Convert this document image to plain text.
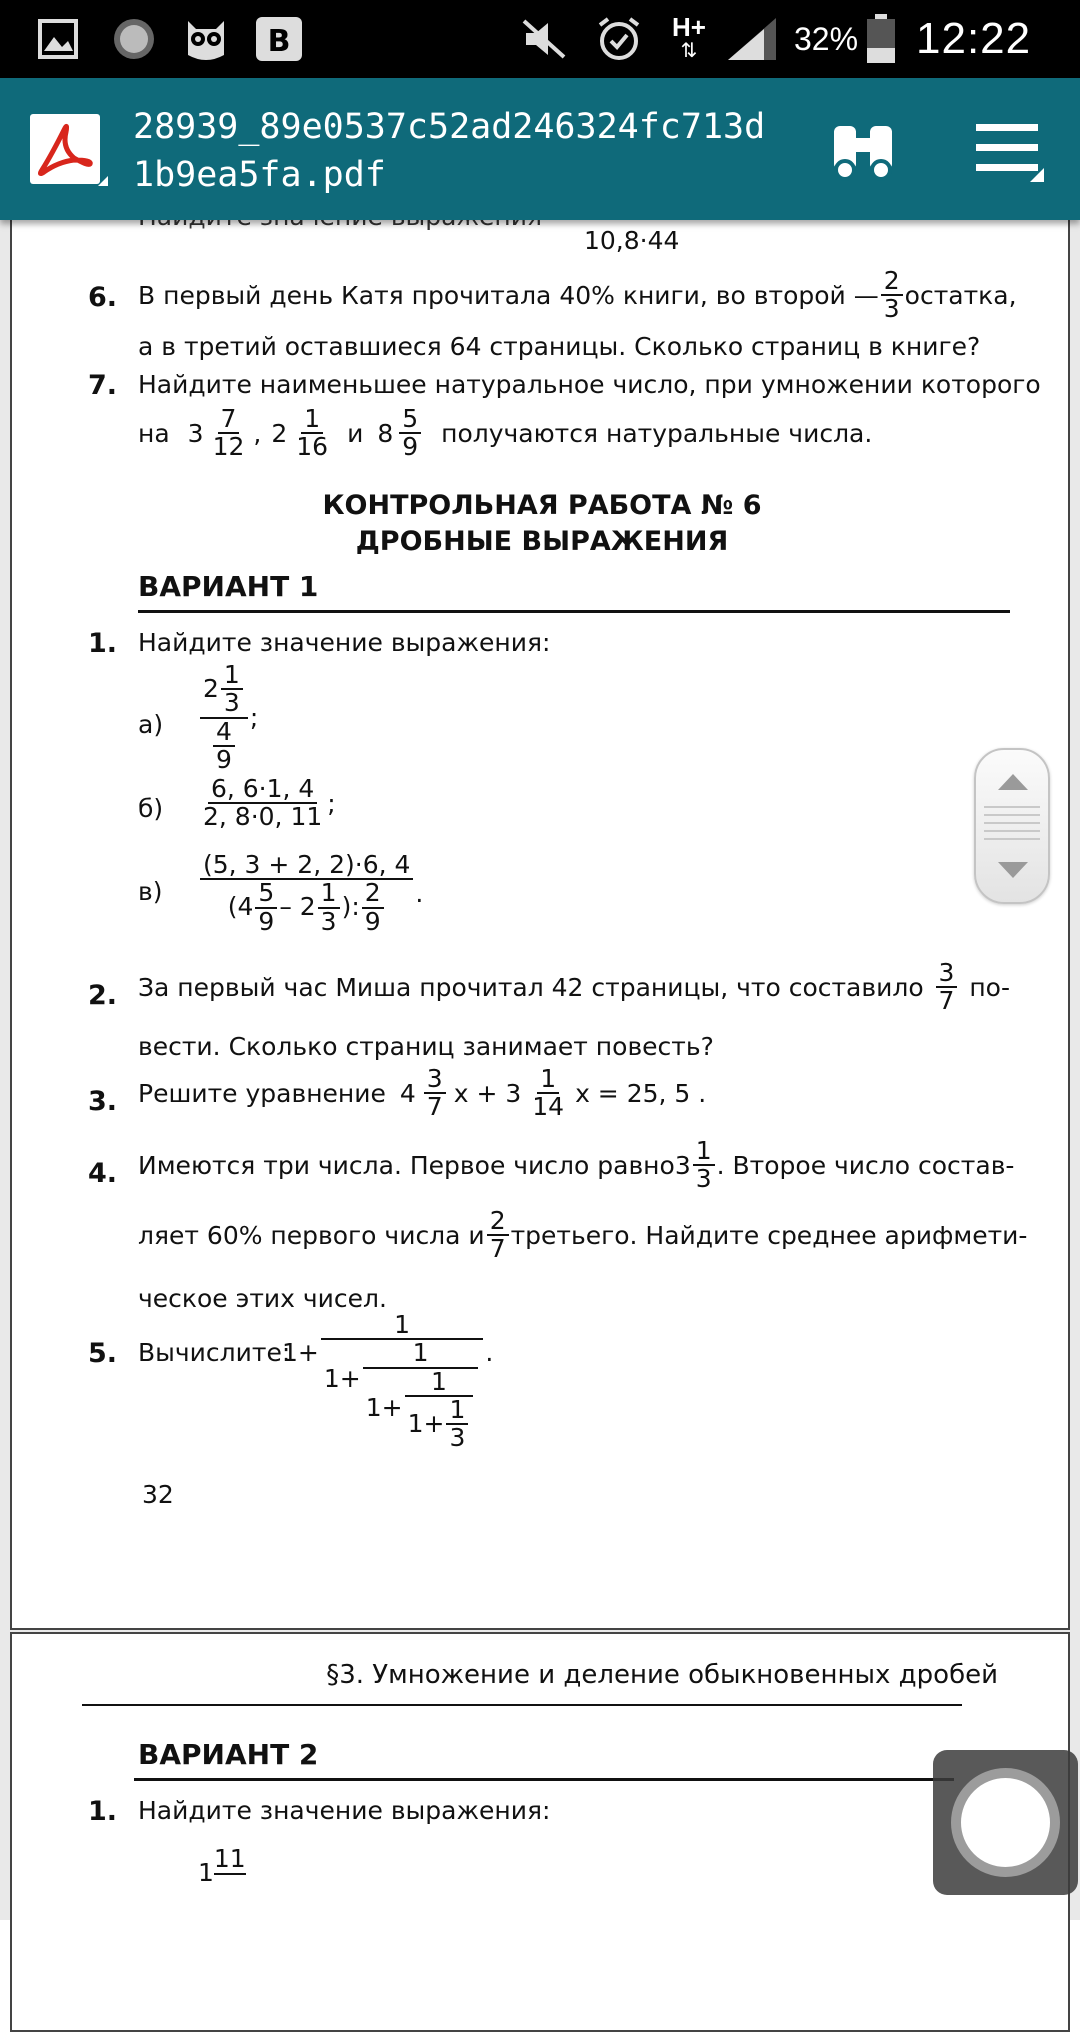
B	H+
⇅	32% 12:22
28939_89e0537c52ad246324fc713d1b9ea5fa.pdf
10,8·44
6. В первый день Катя прочитала 40% книги, во второй — $\frac{2}{3}$ остатка,
а в третий оставшиеся 64 страницы. Сколько страниц в книге?
7. Найдите наименьшее натуральное число, при умножении которого
на $3 \frac{7}{12}$ , $2 \frac{1}{16}$ и $8 \frac{5}{9}$ получаются натуральные числа.
КОНТРОЛЬНАЯ РАБОТА № 6
ДРОБНЫЕ ВЫРАЖЕНИЯ
ВАРИАНТ 1
1. Найдите значение выражения:
$а) \frac{2 \frac{1}{3}}{\frac{4}{9}}$ ;
$б) \frac{6, 6\cdot 1, 4}{2, 8\cdot 0, 11}$ ;
в)
(5, 3 + 2, 2)·6, 4
($4 \frac{5}{9} - 2 \frac{1}{3}$ ): $\frac{2}{9}$ .
2. За первый час Миша прочитал 42 страницы, что составило $\frac{3}{7} по-$
вести. Сколько страниц занимает повесть?
3. Решите уравнение $4 \frac{3}{7}$ $x + 3 \frac{1}{14}$ x = 25, 5 .
4. Имеются три числа. Первое число равно $3 \frac{1}{3}$ . Второе число состав-
ляет 60% первого числа и $\frac{2}{7}$ третьего. Найдите среднее арифмети-
ческое этих чисел.
5. Вычислите:
1+
1
1+
1
$1+ \frac{1}{1+ \frac{1}{3}}$
.
32
§3. Умножение и деление обыкновенных дробей
ВАРИАНТ 2
1. Найдите значение выражения:
1 11
